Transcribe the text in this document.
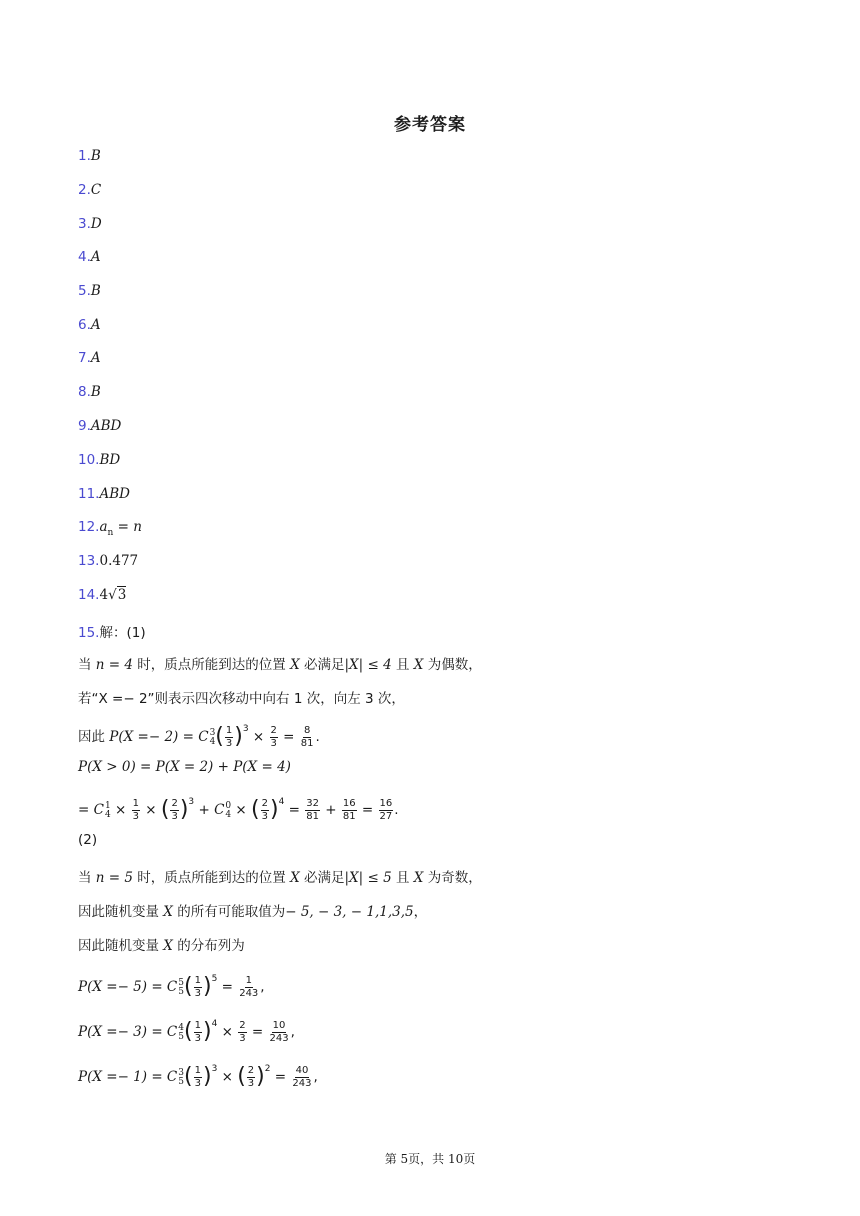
参考答案
1.B
2.C
3.D
4.A
5.B
6.A
7.A
8.B
9.ABD
10.BD
11.ABD
$12.a_n = n$
13.0.477
14.4√3
15.解：(1)
当 n = 4 时，质点所能到达的位置 X 必满足|X| ≤ 4 且 X 为偶数，
若“X =− 2”则表示四次移动中向右 1 次，向左 3 次，
因此 P(X =− 2) = C 3
4 ( $\frac{1}{3} )^3 \times \frac{2}{3} = \frac{8}{81}$ .
P(X > 0) = P(X = 2) + P(X = 4)
= C 1
$4 \times \frac{1}{3}$ × ( $\frac{2}{3} )^3 + C$ 0
4 × ( $\frac{2}{3} )^4 = \frac{32}{81} + \frac{16}{81} = \frac{16}{27}$ .
(2)
当 n = 5 时，质点所能到达的位置 X 必满足|X| ≤ 5 且 X 为奇数，
因此随机变量 X 的所有可能取值为− 5, − 3, − 1,1,3,5，
因此随机变量 X 的分布列为
P(X =− 5) = C 5
5 ( $\frac{1}{3} )^5 = \frac{1}{243}$ ,
P(X =− 3) = C 4
5 ( $\frac{1}{3} )^4 \times \frac{2}{3} = \frac{10}{243}$ ,
P(X =− 1) = C 3
5 ( $\frac{1}{3} )^3$ × ( $\frac{2}{3} )^2 = \frac{40}{243}$ ,
第 5页，共 10页
